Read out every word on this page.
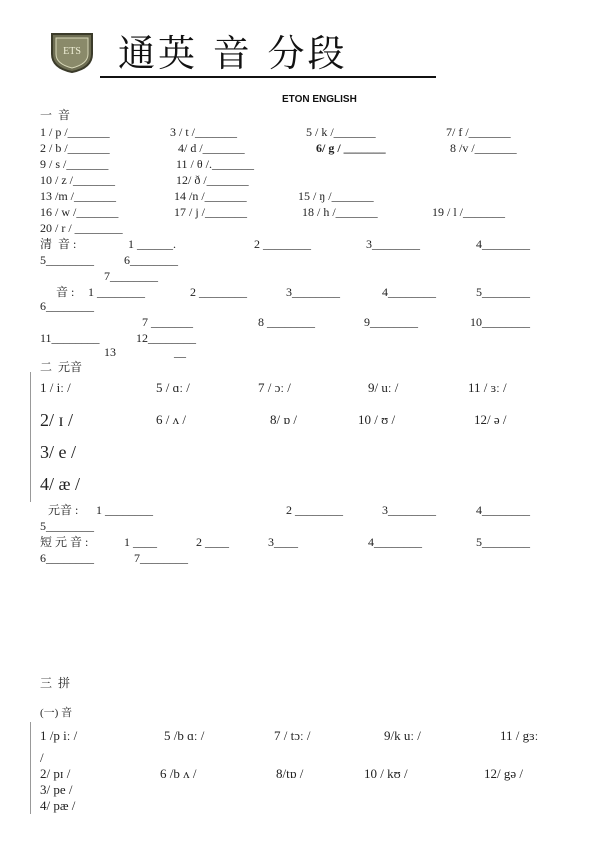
ETS	通英 音 分段
ETON ENGLISH
一  音
1 / p /_______	3 / t /_______	5 / k /_______	7/ f /_______
2 / b /_______	4/ d /_______	6/ g / _______	8 /v /_______
9 / s /_______	11 / θ /._______
10 / z /_______	12/ ð /_______
13 /m /_______	14 /n /_______	15 / ŋ /_______
16 / w /_______	17 / j /_______	18 / h /_______	19 / l /_______
20 / r / ________
清  音 :	1 ______.	2 ________	3________	4________
5________	6________
7________
音 : 1 ________	2 ________	3________	4________	5________
6________
7 _______	8 ________	9________	10________
11________	12________
13	__
二  元音
1 / iː /	5 / ɑː /	7 / ɔː /	9/ uː /	11 / ɜː /
2/ ɪ /	6 / ʌ /	8/ ɒ /	10 / ʊ /	12/ ə /
3/ e /
4/ æ /
元音 : 1 ________	2 ________	3________	4________
5________
短 元 音 :	1 ____	2 ____	3____	4________	5________
6________	7________
三  拼
(一) 音
1 /p iː /	5 /b ɑː /	7 / tɔː /	9/k uː /	11 / gɜː
/
2/ pɪ /	6 /b ʌ /	8/tɒ /	10 / kʊ /	12/ gə /
3/ pe /
4/ pæ /
